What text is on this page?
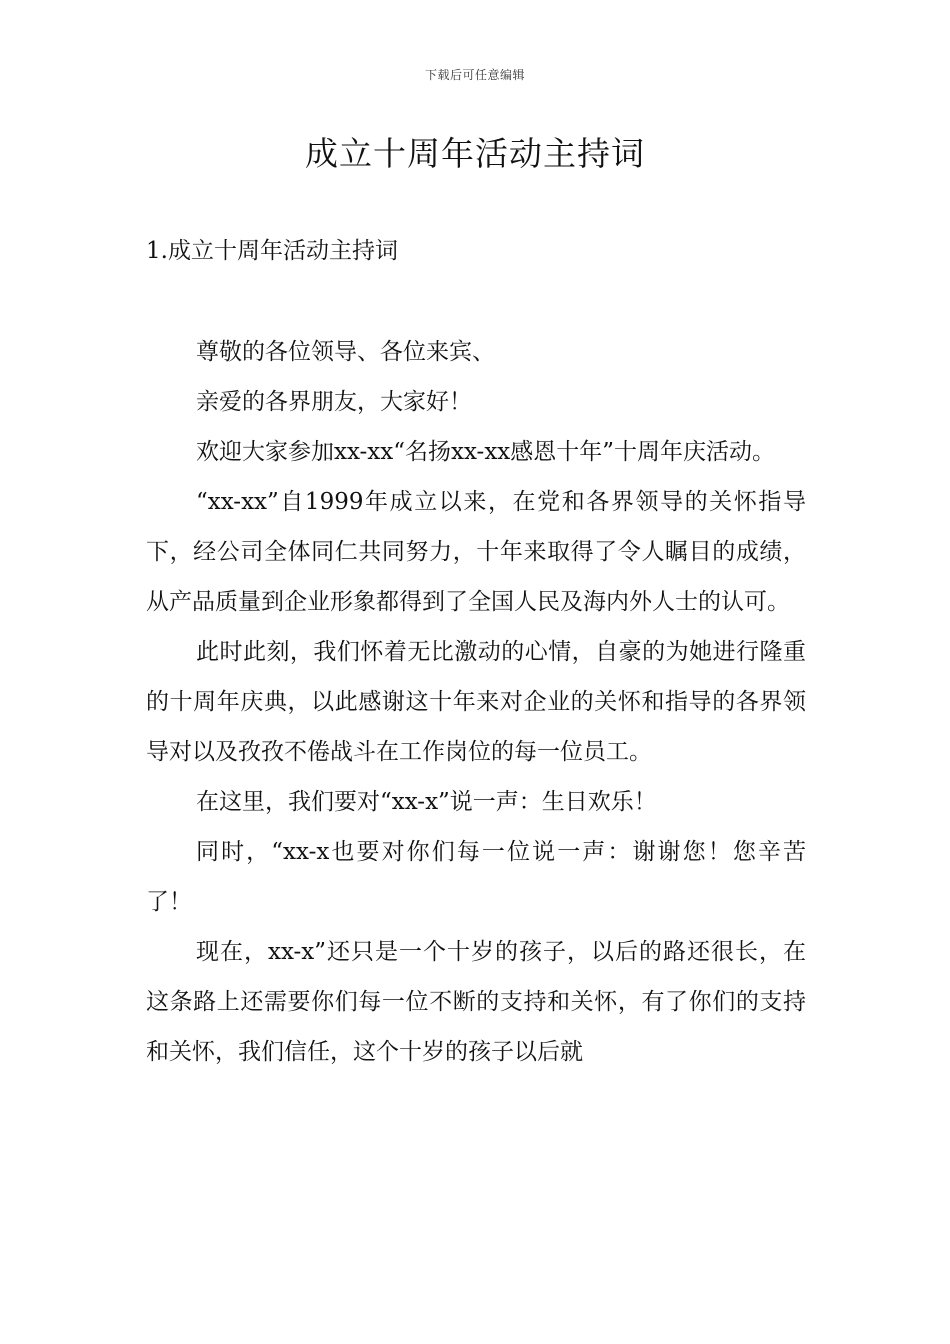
下载后可任意编辑
成立十周年活动主持词
1.成立十周年活动主持词

尊敬的各位领导、各位来宾、

亲爱的各界朋友，大家好！

欢迎大家参加xx-xx“名扬xx-xx感恩十年”十周年庆活动。

“xx-xx”自1999年成立以来，在党和各界领导的关怀指导下，经公司全体同仁共同努力，十年来取得了令人瞩目的成绩，从产品质量到企业形象都得到了全国人民及海内外人士的认可。

此时此刻，我们怀着无比激动的心情，自豪的为她进行隆重的十周年庆典，以此感谢这十年来对企业的关怀和指导的各界领导对以及孜孜不倦战斗在工作岗位的每一位员工。

在这里，我们要对“xx-x”说一声：生日欢乐！

同时，“xx-x也要对你们每一位说一声：谢谢您！您辛苦了！

现在，xx-x”还只是一个十岁的孩子，以后的路还很长，在这条路上还需要你们每一位不断的支持和关怀，有了你们的支持和关怀，我们信任，这个十岁的孩子以后就
